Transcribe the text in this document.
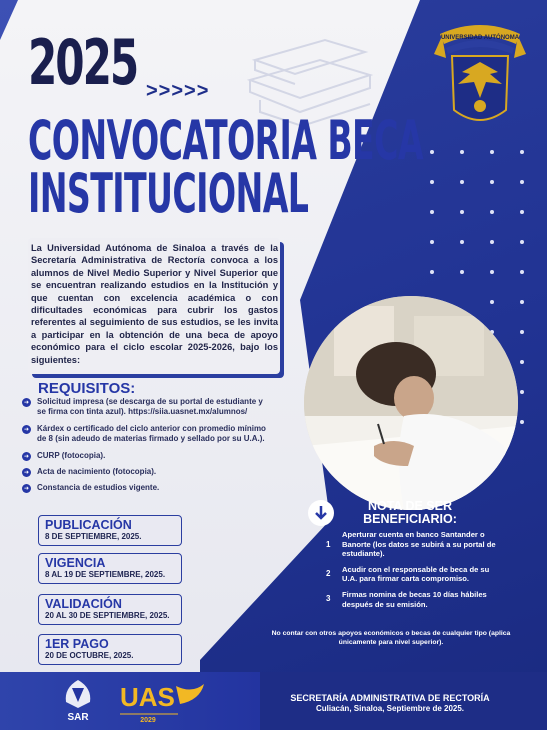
2025 >>>>>
CONVOCATORIA BECA
INSTITUCIONAL
UNIVERSIDAD AUTÓNOMA
La Universidad Autónoma de Sinaloa a través de la Secretaría Administrativa de Rectoría convoca a los alumnos de Nivel Medio Superior y Nivel Superior que se encuentran realizando estudios en la Institución y que cuentan con excelencia académica o con dificultades económicas para cubrir los gastos referentes al seguimiento de sus estudios, se les invita a participar en la obtención de una beca de apoyo económico para el ciclo escolar 2025-2026, bajo los siguientes:
REQUISITOS:
➜ Solicitud impresa (se descarga de su portal de estudiante y se firma con tinta azul). https://siia.uasnet.mx/alumnos/
➜ Kárdex o certificado del ciclo anterior con promedio mínimo de 8 (sin adeudo de materias firmado y sellado por su U.A.).
➜ CURP (fotocopia).
➜ Acta de nacimiento (fotocopia).
➜ Constancia de estudios vigente.
PUBLICACIÓN
8 DE SEPTIEMBRE, 2025.
VIGENCIA
8 AL 19 DE SEPTIEMBRE, 2025.
VALIDACIÓN
20 AL 30 DE SEPTIEMBRE, 2025.
1ER PAGO
20 DE OCTUBRE, 2025.
NOTA DE SER
BENEFICIARIO:
1
Aperturar cuenta en banco Santander o Banorte (los datos se subirá a su portal de estudiante).
2 Acudir con el responsable de beca de su U.A. para firmar carta compromiso.
3 Firmas nomina de becas 10 días hábiles después de su emisión.
No contar con otros apoyos económicos o becas de cualquier tipo (aplica únicamente para nivel superior).
SAR
UAS
2029
SECRETARÍA ADMINISTRATIVA DE RECTORÍA
Culiacán, Sinaloa, Septiembre de 2025.
